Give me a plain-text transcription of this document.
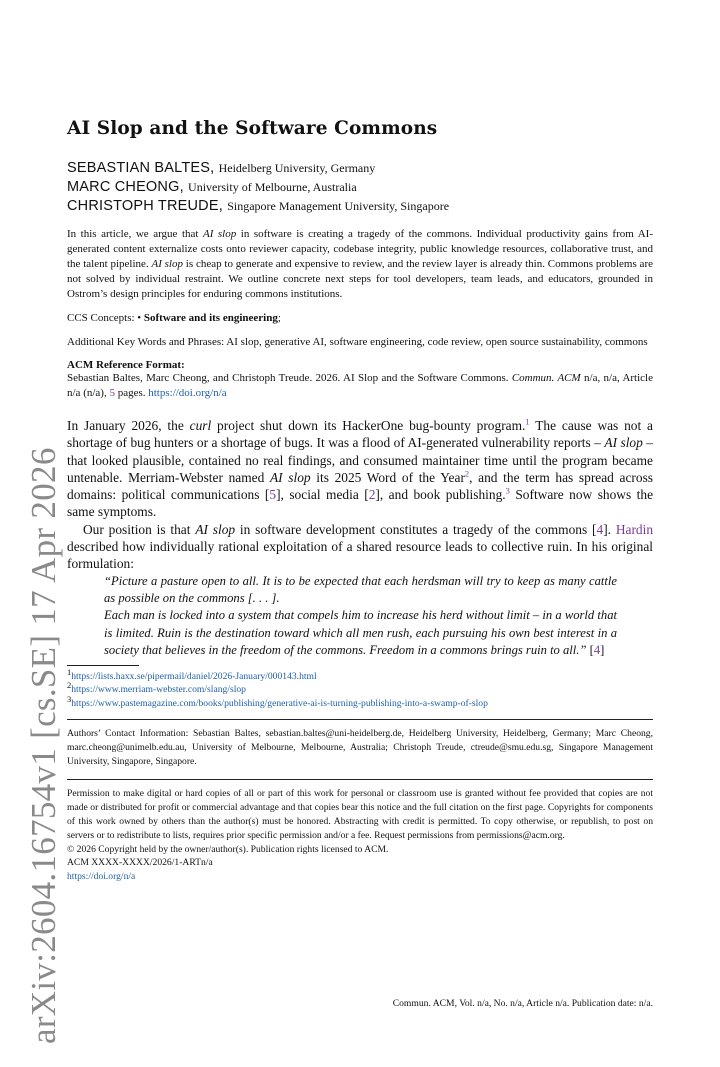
arXiv:2604.16754v1 [cs.SE] 17 Apr 2026
AI Slop and the Software Commons
SEBASTIAN BALTES, Heidelberg University, Germany
MARC CHEONG, University of Melbourne, Australia
CHRISTOPH TREUDE, Singapore Management University, Singapore
In this article, we argue that AI slop in software is creating a tragedy of the commons. Individual productivity gains from AI-generated content externalize costs onto reviewer capacity, codebase integrity, public knowledge resources, collaborative trust, and the talent pipeline. AI slop is cheap to generate and expensive to review, and the review layer is already thin. Commons problems are not solved by individual restraint. We outline concrete next steps for tool developers, team leads, and educators, grounded in Ostrom’s design principles for enduring commons institutions.
CCS Concepts: • Software and its engineering;
Additional Key Words and Phrases: AI slop, generative AI, software engineering, code review, open source sustainability, commons
ACM Reference Format:
Sebastian Baltes, Marc Cheong, and Christoph Treude. 2026. AI Slop and the Software Commons. Commun. ACM n/a, n/a, Article n/a (n/a), 5 pages. https://doi.org/n/a

In January 2026, the curl project shut down its HackerOne bug-bounty program.$^1$ The cause was not a shortage of bug hunters or a shortage of bugs. It was a flood of AI-generated vulnerability reports – AI slop – that looked plausible, contained no real findings, and consumed maintainer time until the program became untenable. Merriam-Webster named AI slop its 2025 Word of the Year$^2$, and the term has spread across domains: political communications [5], social media [2], and book publishing.$^3$ Software now shows the same symptoms.

Our position is that AI slop in software development constitutes a tragedy of the commons [4]. Hardin described how individually rational exploitation of a shared resource leads to collective ruin. In his original formulation:

“Picture a pasture open to all. It is to be expected that each herdsman will try to keep as many cattle as possible on the commons [. . . ].

Each man is locked into a system that compels him to increase his herd without limit – in a world that is limited. Ruin is the destination toward which all men rush, each pursuing his own best interest in a society that believes in the freedom of the commons. Freedom in a commons brings ruin to all.” [4]

$^1$https://lists.haxx.se/pipermail/daniel/2026-January/000143.html
$^2$https://www.merriam-webster.com/slang/slop
$^3$https://www.pastemagazine.com/books/publishing/generative-ai-is-turning-publishing-into-a-swamp-of-slop
Authors’ Contact Information: Sebastian Baltes, sebastian.baltes@uni-heidelberg.de, Heidelberg University, Heidelberg, Germany; Marc Cheong, marc.cheong@unimelb.edu.au, University of Melbourne, Melbourne, Australia; Christoph Treude, ctreude@smu.edu.sg, Singapore Management University, Singapore, Singapore.
Permission to make digital or hard copies of all or part of this work for personal or classroom use is granted without fee provided that copies are not made or distributed for profit or commercial advantage and that copies bear this notice and the full citation on the first page. Copyrights for components of this work owned by others than the author(s) must be honored. Abstracting with credit is permitted. To copy otherwise, or republish, to post on servers or to redistribute to lists, requires prior specific permission and/or a fee. Request permissions from permissions@acm.org.
© 2026 Copyright held by the owner/author(s). Publication rights licensed to ACM.
ACM XXXX-XXXX/2026/1-ARTn/a
https://doi.org/n/a
Commun. ACM, Vol. n/a, No. n/a, Article n/a. Publication date: n/a.
